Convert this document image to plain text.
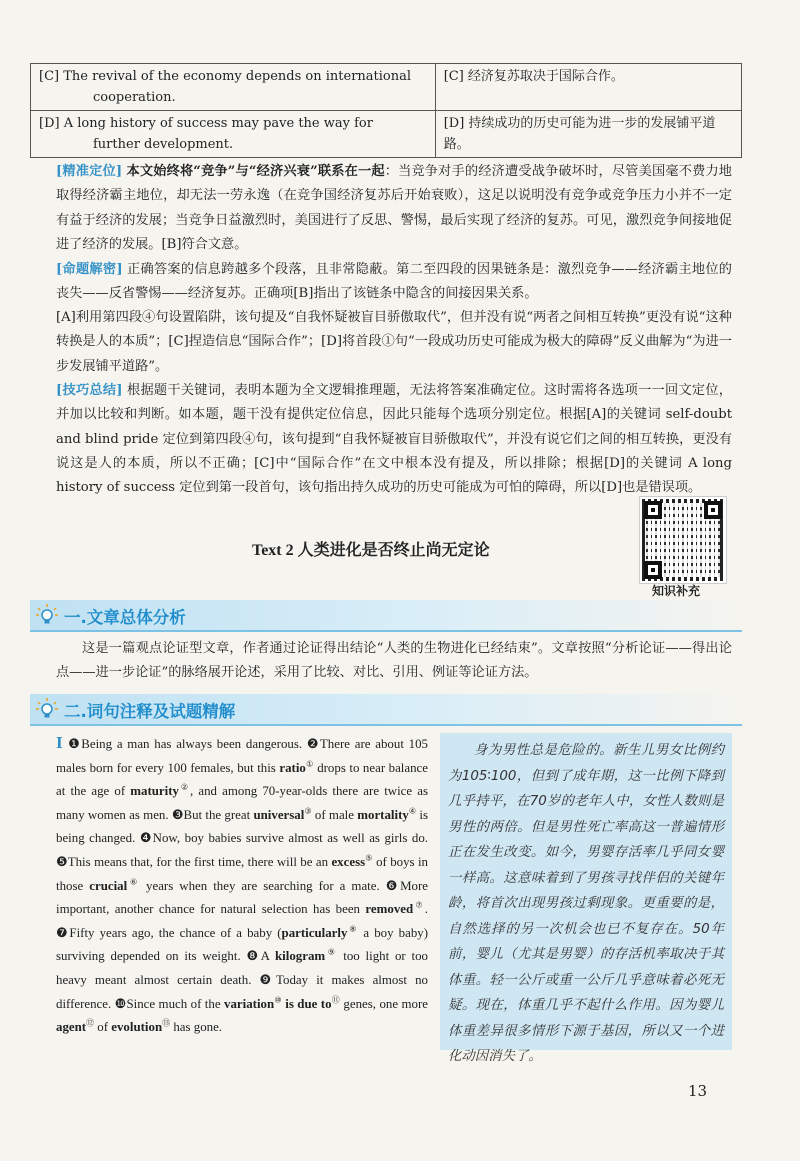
[C] The revival of the economy depends on international
cooperation.	[C] 经济复苏取决于国际合作。
[D] A long history of success may pave the way for
further development.	[D] 持续成功的历史可能为进一步的发展铺平道路。
[精准定位] 本文始终将“竞争”与“经济兴衰”联系在一起：当竞争对手的经济遭受战争破坏时，尽管美国毫不费力地取得经济霸主地位，却无法一劳永逸（在竞争国经济复苏后开始衰败），这足以说明没有竞争或竞争压力小并不一定有益于经济的发展；当竞争日益激烈时，美国进行了反思、警惕，最后实现了经济的复苏。可见，激烈竞争间接地促进了经济的发展。[B]符合文意。
[命题解密] 正确答案的信息跨越多个段落，且非常隐蔽。第二至四段的因果链条是：激烈竞争——经济霸主地位的丧失——反省警惕——经济复苏。正确项[B]指出了该链条中隐含的间接因果关系。
[A]利用第四段④句设置陷阱，该句提及“自我怀疑被盲目骄傲取代”，但并没有说“两者之间相互转换”更没有说“这种转换是人的本质”；[C]捏造信息“国际合作”；[D]将首段①句“一段成功历史可能成为极大的障碍”反义曲解为“为进一步发展铺平道路”。
[技巧总结] 根据题干关键词，表明本题为全文逻辑推理题，无法将答案准确定位。这时需将各选项一一回文定位，并加以比较和判断。如本题，题干没有提供定位信息，因此只能每个选项分别定位。根据[A]的关键词 self-doubt and blind pride 定位到第四段④句，该句提到“自我怀疑被盲目骄傲取代”，并没有说它们之间的相互转换，更没有说这是人的本质，所以不正确；[C]中“国际合作”在文中根本没有提及，所以排除；根据[D]的关键词 A long history of success 定位到第一段首句，该句指出持久成功的历史可能成为可怕的障碍，所以[D]也是错误项。
Text 2 人类进化是否终止尚无定论
知识补充
一.文章总体分析
这是一篇观点论证型文章，作者通过论证得出结论“人类的生物进化已经结束”。文章按照“分析论证——得出论点——进一步论证”的脉络展开论述，采用了比较、对比、引用、例证等论证方法。
二.词句注释及试题精解
I ❶Being a man has always been dangerous. ❷There are about 105 males born for every 100 females, but this ratio① drops to near balance at the age of maturity②, and among 70-year-olds there are twice as many women as men. ❸But the great universal③ of male mortality④ is being changed. ❹Now, boy babies survive almost as well as girls do. ❺This means that, for the first time, there will be an excess⑤ of boys in those crucial⑥ years when they are searching for a mate. ❻More important, another chance for natural selection has been removed⑦. ❼Fifty years ago, the chance of a baby (particularly⑧ a boy baby) surviving depended on its weight. ❽A kilogram⑨ too light or too heavy meant almost certain death. ❾Today it makes almost no difference. ❿Since much of the variation⑩ is due to⑪ genes, one more agent⑫ of evolution⑬ has gone.
身为男性总是危险的。新生儿男女比例约为105∶100，但到了成年期，这一比例下降到几乎持平，在70岁的老年人中，女性人数则是男性的两倍。但是男性死亡率高这一普遍情形正在发生改变。如今，男婴存活率几乎同女婴一样高。这意味着到了男孩寻找伴侣的关键年龄，将首次出现男孩过剩现象。更重要的是，自然选择的另一次机会也已不复存在。50年前，婴儿（尤其是男婴）的存活机率取决于其体重。轻一公斤或重一公斤几乎意味着必死无疑。现在，体重几乎不起什么作用。因为婴儿体重差异很多情形下源于基因，所以又一个进化动因消失了。
13
